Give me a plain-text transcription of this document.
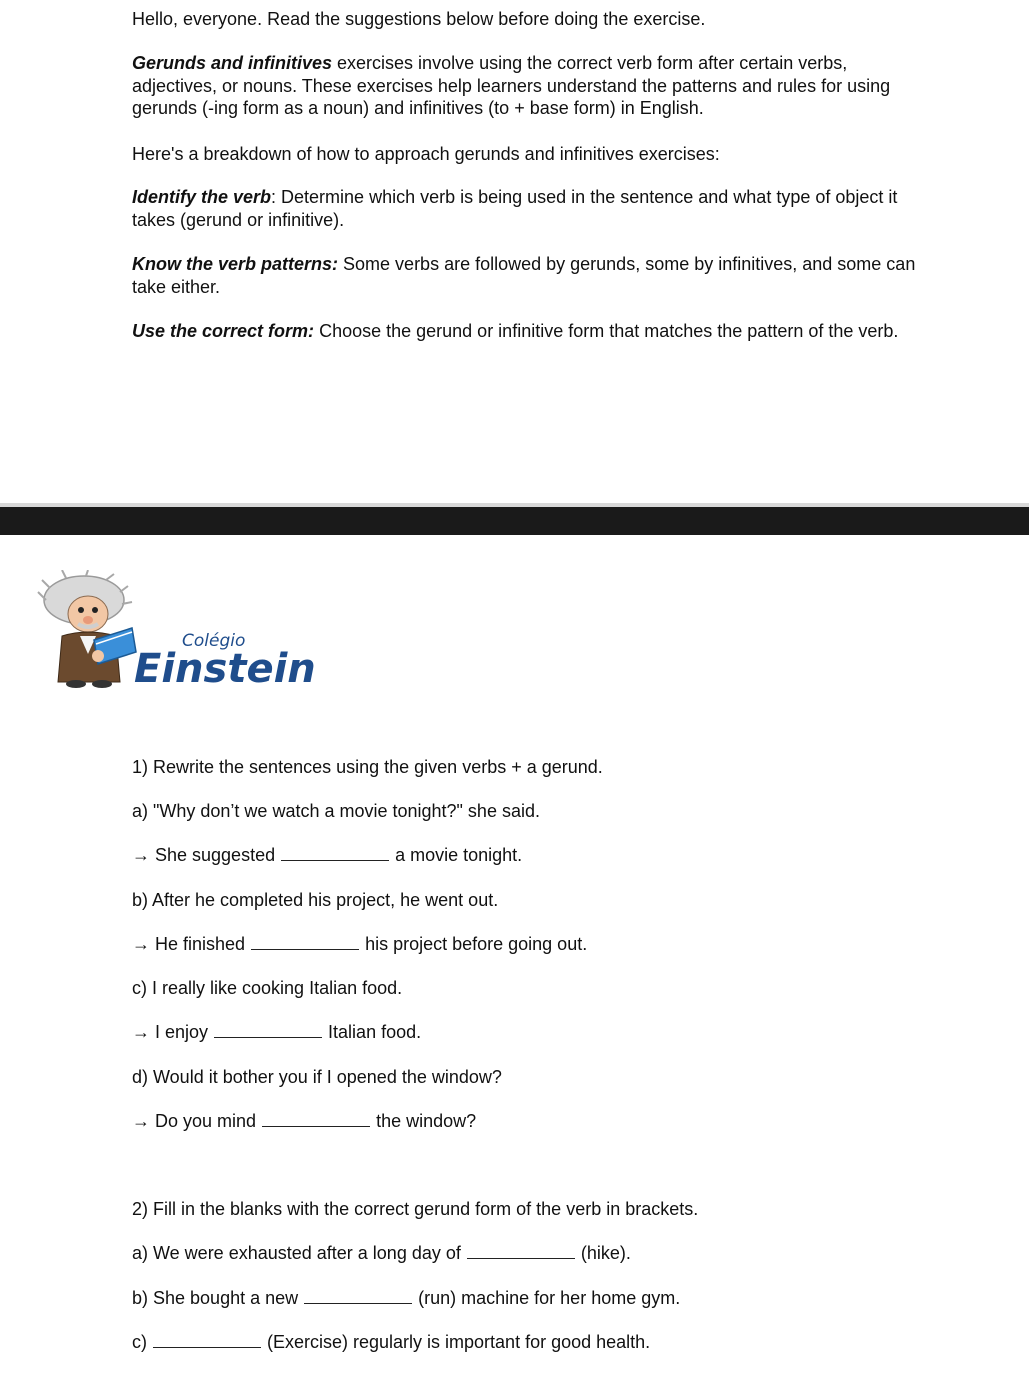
Hello, everyone. Read the suggestions below before doing the exercise.

Gerunds and infinitives exercises involve using the correct verb form after certain verbs, adjectives, or nouns. These exercises help learners understand the patterns and rules for using gerunds (-ing form as a noun) and infinitives (to + base form) in English.

Here's a breakdown of how to approach gerunds and infinitives exercises:

Identify the verb: Determine which verb is being used in the sentence and what type of object it takes (gerund or infinitive).

Know the verb patterns: Some verbs are followed by gerunds, some by infinitives, and some can take either.

Use the correct form: Choose the gerund or infinitive form that matches the pattern of the verb.

Colégio
Einstein
1) Rewrite the sentences using the given verbs + a gerund.
a) "Why don’t we watch a movie tonight?" she said.
→ She suggested	a movie tonight.
b) After he completed his project, he went out.
→ He finished	his project before going out.
c) I really like cooking Italian food.
→ I enjoy	Italian food.
d) Would it bother you if I opened the window?
→ Do you mind	the window?
2) Fill in the blanks with the correct gerund form of the verb in brackets.
a) We were exhausted after a long day of	(hike).
b) She bought a new	(run) machine for her home gym.
c)	(Exercise) regularly is important for good health.
